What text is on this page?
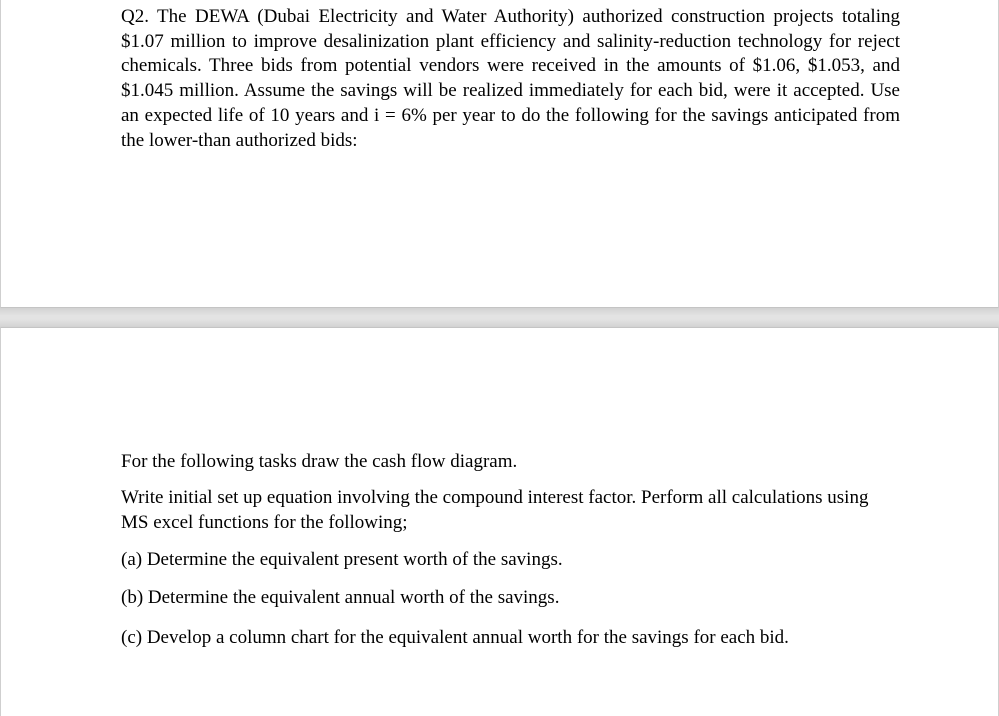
Q2. The DEWA (Dubai Electricity and Water Authority) authorized construction projects totaling $1.07 million to improve desalinization plant efficiency and salinity-reduction technology for reject chemicals. Three bids from potential vendors were received in the amounts of $1.06, $1.053, and $1.045 million. Assume the savings will be realized immediately for each bid, were it accepted. Use an expected life of 10 years and i = 6% per year to do the following for the savings anticipated from the lower-than authorized bids:

For the following tasks draw the cash flow diagram.

Write initial set up equation involving the compound interest factor. Perform all calculations using MS excel functions for the following;

(a) Determine the equivalent present worth of the savings.

(b) Determine the equivalent annual worth of the savings.

(c) Develop a column chart for the equivalent annual worth for the savings for each bid.
